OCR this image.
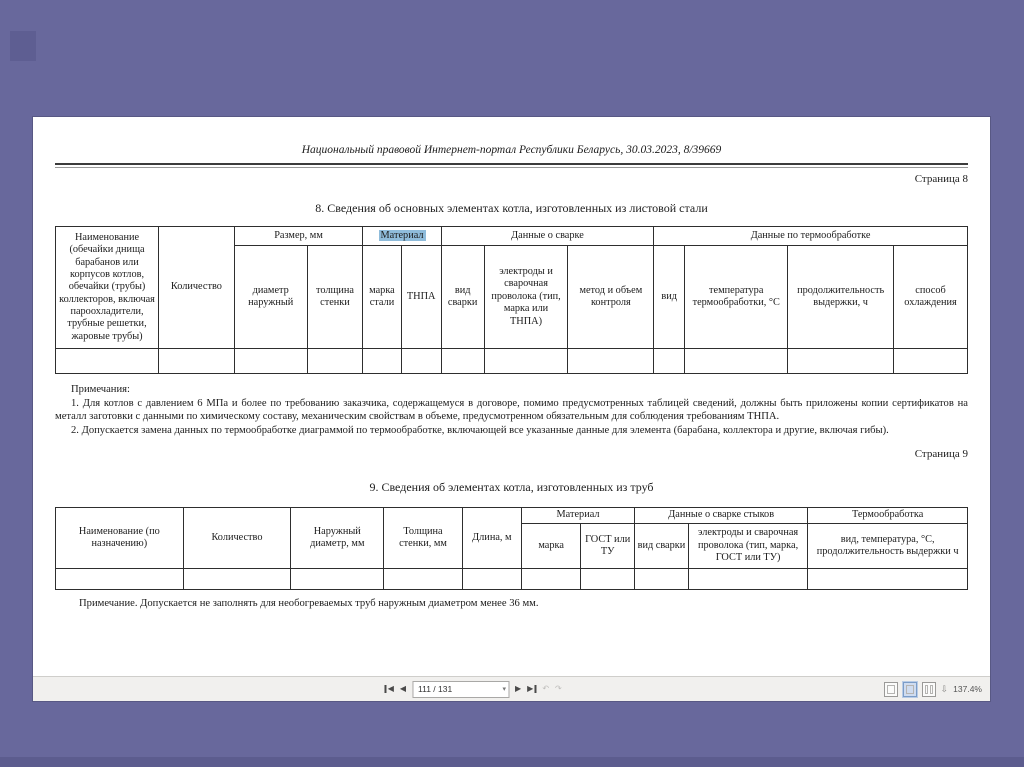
Национальный правовой Интернет-портал Республики Беларусь, 30.03.2023, 8/39669
Страница 8
8. Сведения об основных элементах котла, изготовленных из листовой стали
Наименование (обечайки днища барабанов или корпусов котлов, обечайки (трубы) коллекторов, включая пароохладители, трубные решетки, жаровые трубы)	Количество	Размер, мм		Материал		Данные о сварке			Данные по термообработке			
		диаметр наружный	толщина стенки	марка стали	ТНПА	вид сварки	электроды и сварочная проволока (тип, марка или ТНПА)	метод и объем контроля	вид	температура термообработки, °С	продолжительность выдержки, ч	способ охлаждения

Примечания:

1. Для котлов с давлением 6 МПа и более по требованию заказчика, содержащемуся в договоре, помимо предусмотренных таблицей сведений, должны быть приложены копии сертификатов на металл заготовки с данными по химическому составу, механическим свойствам в объеме, предусмотренном обязательным для соблюдения требованиям ТНПА.

2. Допускается замена данных по термообработке диаграммой по термообработке, включающей все указанные данные для элемента (барабана, коллектора и другие, включая гибы).

Страница 9
9. Сведения об элементах котла, изготовленных из труб
Наименование (по назначению)	Количество	Наружный диаметр, мм	Толщина стенки, мм	Длина, м	Материал		Данные о сварке стыков		Термообработка
					марка	ГОСТ или ТУ	вид сварки	электроды и сварочная проволока (тип, марка, ГОСТ или ТУ)	вид, температура, °С, продолжительность выдержки ч

Примечание. Допускается не заполнять для необогреваемых труб наружным диаметром менее 36 мм.
◀ ◀ 111 / 131	▾ ▶ ▶	↶ ↷	⇩ 137.4%
